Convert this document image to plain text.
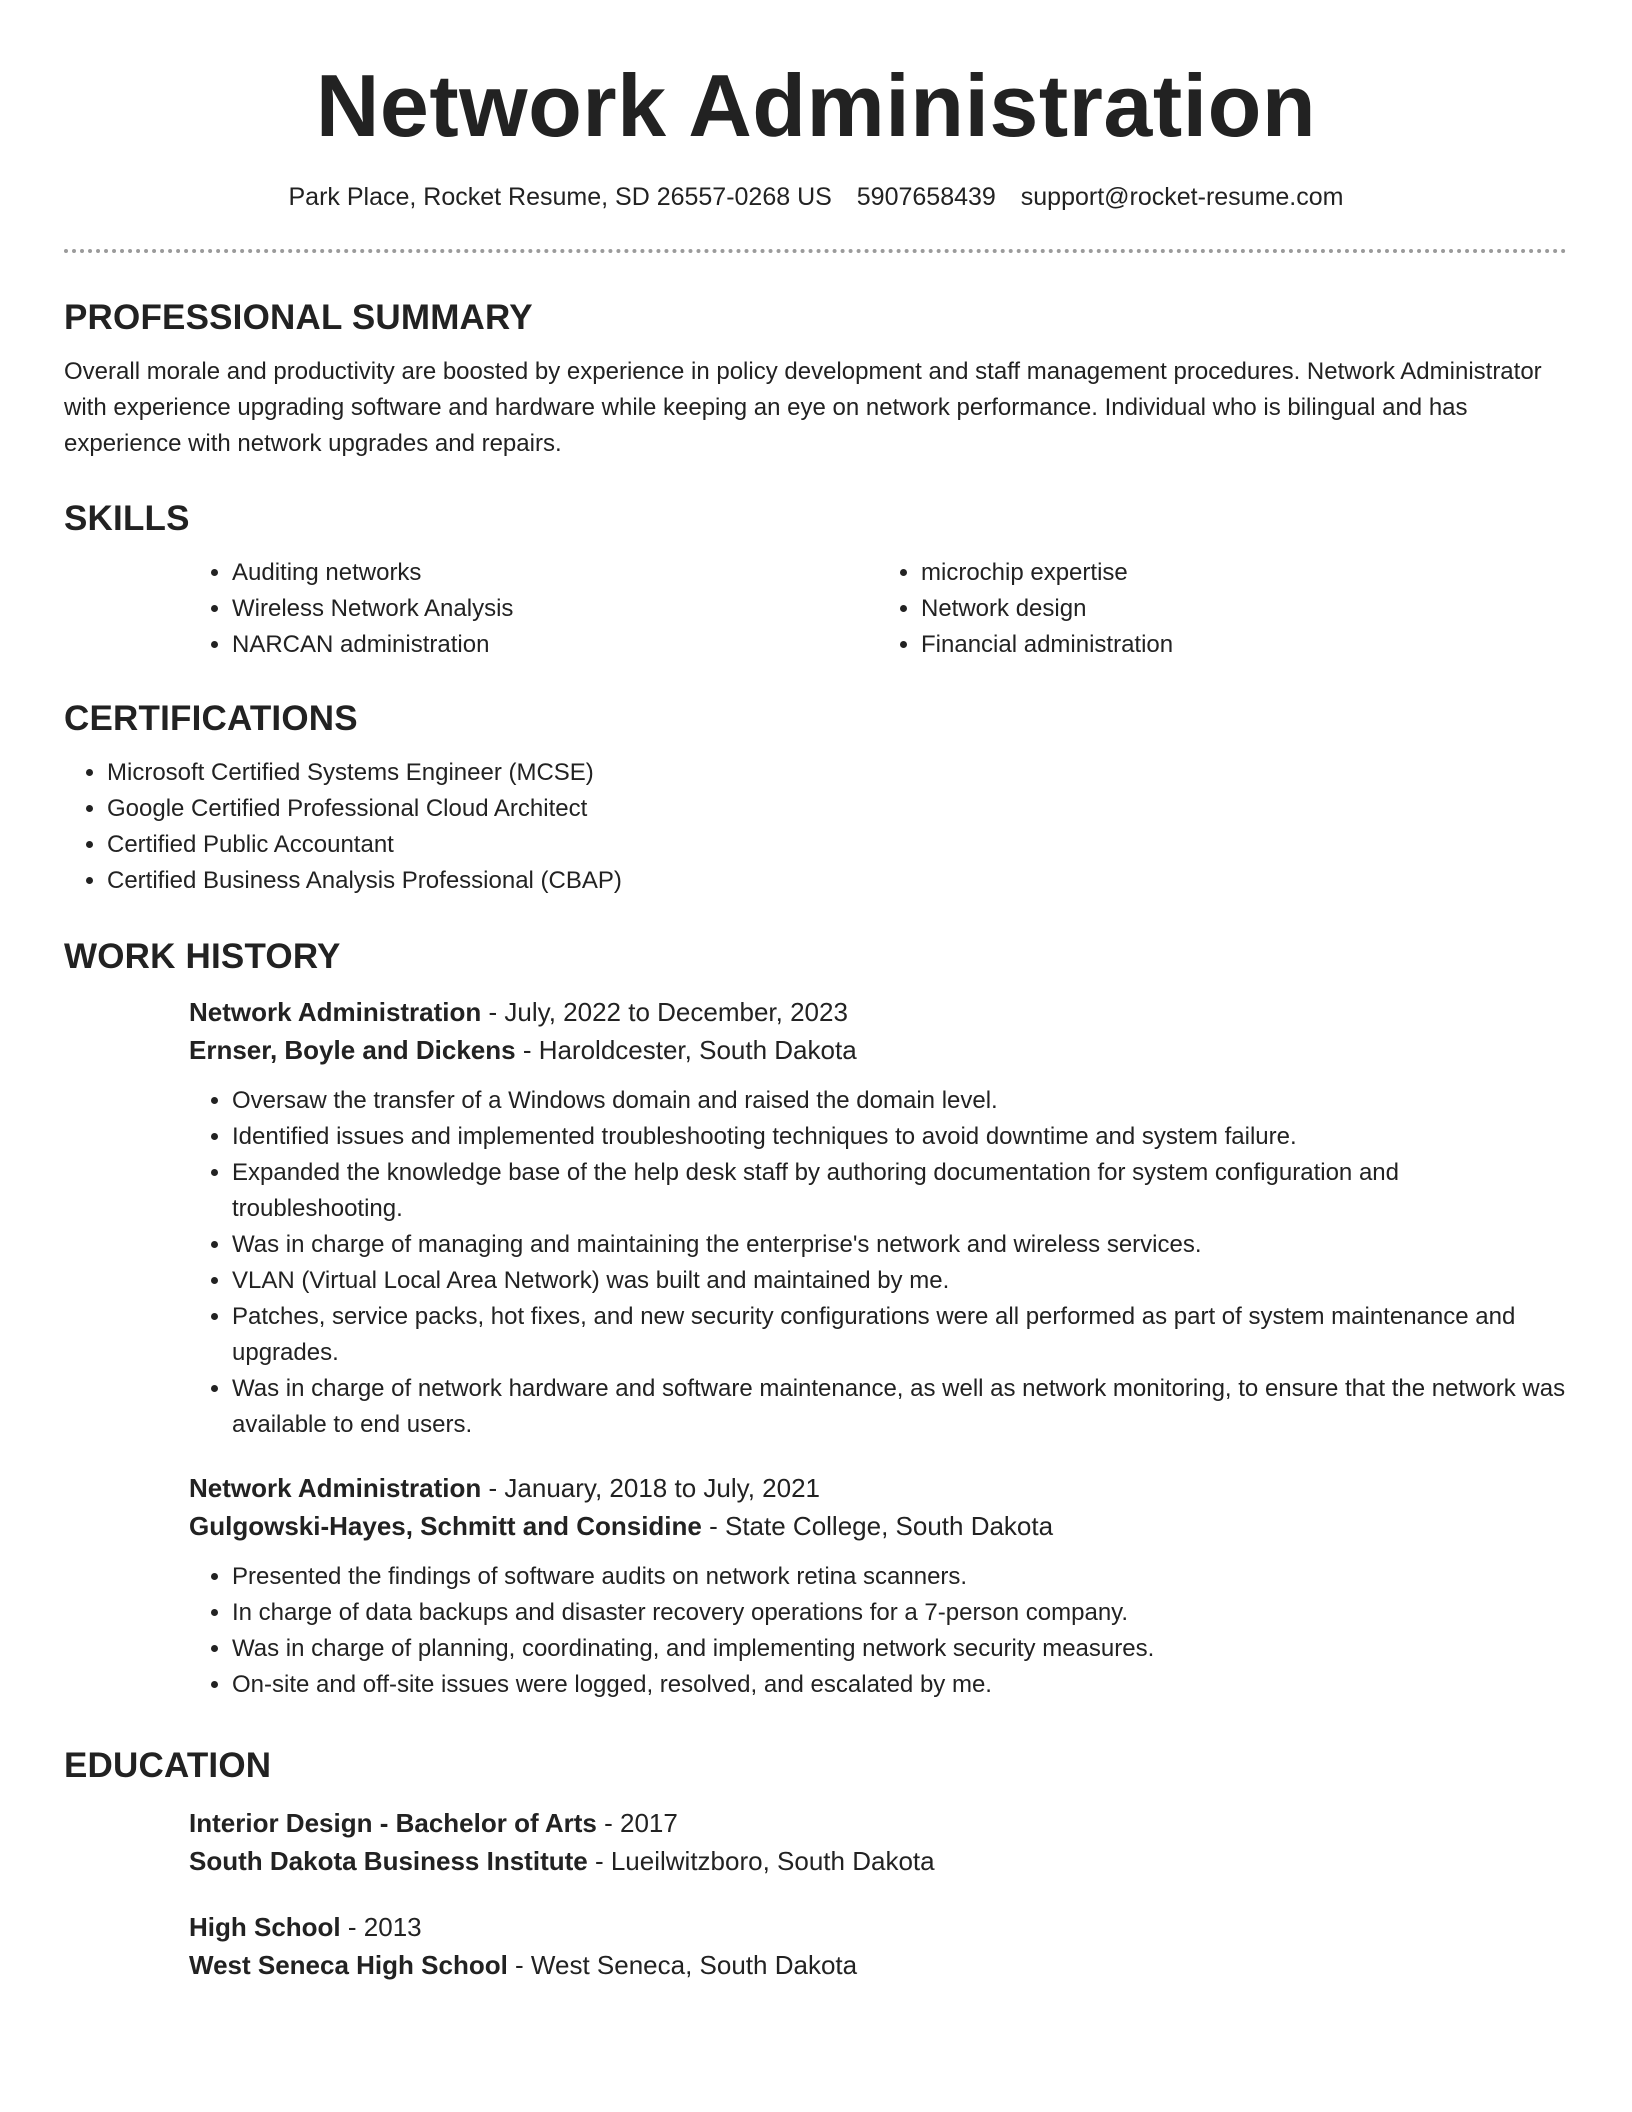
Network Administration
Park Place, Rocket Resume, SD 26557-0268 US 5907658439 support@rocket-resume.com
PROFESSIONAL SUMMARY

Overall morale and productivity are boosted by experience in policy development and staff management procedures. Network Administrator with experience upgrading software and hardware while keeping an eye on network performance. Individual who is bilingual and has experience with network upgrades and repairs.

SKILLS
• Auditing networks
• Wireless Network Analysis
• NARCAN administration
• microchip expertise
• Network design
• Financial administration
CERTIFICATIONS
• Microsoft Certified Systems Engineer (MCSE)
• Google Certified Professional Cloud Architect
• Certified Public Accountant
• Certified Business Analysis Professional (CBAP)
WORK HISTORY

Network Administration - July, 2022 to December, 2023

Ernser, Boyle and Dickens - Haroldcester, South Dakota

• Oversaw the transfer of a Windows domain and raised the domain level.
• Identified issues and implemented troubleshooting techniques to avoid downtime and system failure.
• Expanded the knowledge base of the help desk staff by authoring documentation for system configuration and troubleshooting.
• Was in charge of managing and maintaining the enterprise's network and wireless services.
• VLAN (Virtual Local Area Network) was built and maintained by me.
• Patches, service packs, hot fixes, and new security configurations were all performed as part of system maintenance and upgrades.
• Was in charge of network hardware and software maintenance, as well as network monitoring, to ensure that the network was available to end users.

Network Administration - January, 2018 to July, 2021

Gulgowski-Hayes, Schmitt and Considine - State College, South Dakota

• Presented the findings of software audits on network retina scanners.
• In charge of data backups and disaster recovery operations for a 7-person company.
• Was in charge of planning, coordinating, and implementing network security measures.
• On-site and off-site issues were logged, resolved, and escalated by me.
EDUCATION

Interior Design - Bachelor of Arts - 2017

South Dakota Business Institute - Lueilwitzboro, South Dakota

High School - 2013

West Seneca High School - West Seneca, South Dakota
